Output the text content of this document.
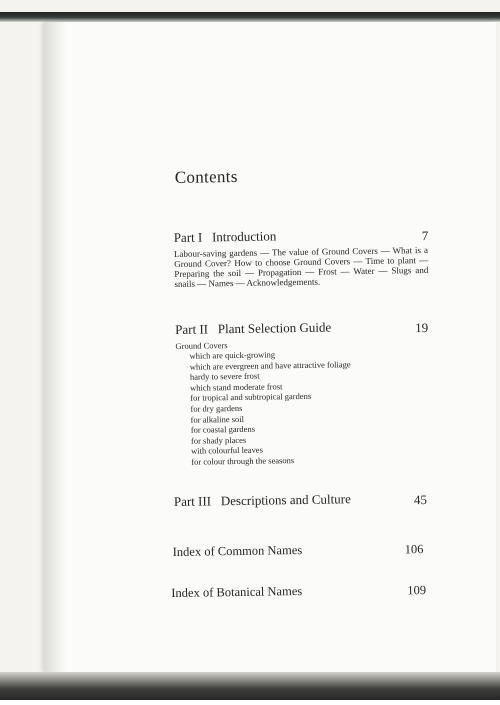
Contents
Part I Introduction	7
Labour-saving gardens — The value of Ground Covers — What is a Ground Cover? How to choose Ground Covers — Time to plant — Preparing the soil — Propagation — Frost — Water — Slugs and snails — Names — Acknowledgements.
Part II Plant Selection Guide	19
Ground Covers
which are quick-growing
which are evergreen and have attractive foliage
hardy to severe frost
which stand moderate frost
for tropical and subtropical gardens
for dry gardens
for alkaline soil
for coastal gardens
for shady places
with colourful leaves
for colour through the seasons
Part III Descriptions and Culture	45
Index of Common Names	106
Index of Botanical Names	109
